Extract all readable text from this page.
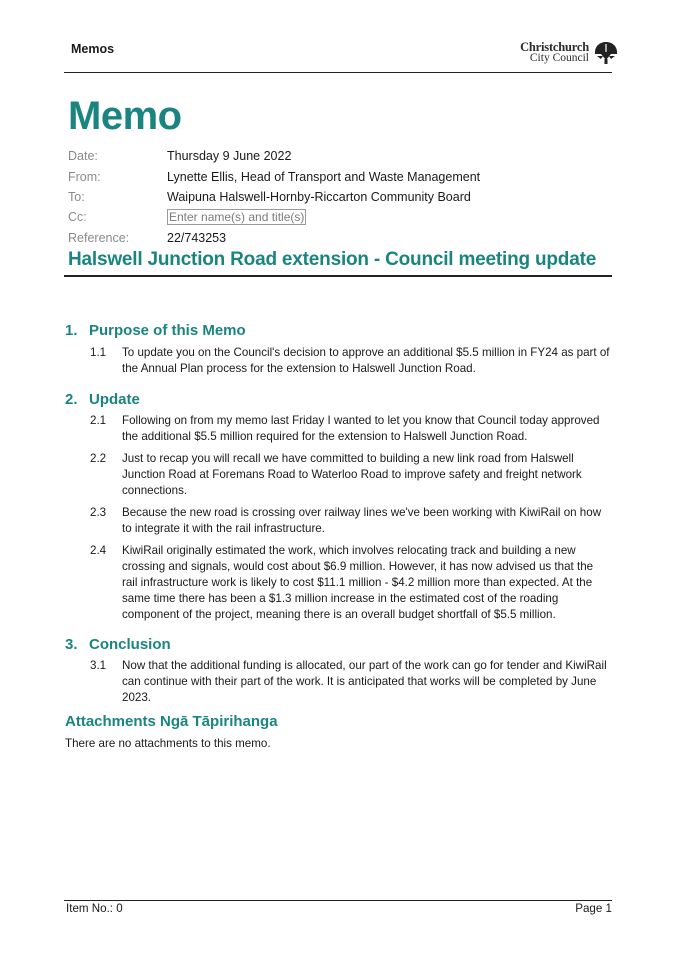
Memos	Christchurch
City Council
Memo
Date:	Thursday 9 June 2022
From:	Lynette Ellis, Head of Transport and Waste Management
To:	Waipuna Halswell-Hornby-Riccarton Community Board
Cc:	Enter name(s) and title(s)
Reference:	22/743253
Halswell Junction Road extension - Council meeting update
1. Purpose of this Memo
1.1	To update you on the Council's decision to approve an additional $5.5 million in FY24 as part of the Annual Plan process for the extension to Halswell Junction Road.
2. Update
2.1	Following on from my memo last Friday I wanted to let you know that Council today approved the additional $5.5 million required for the extension to Halswell Junction Road.
2.2	Just to recap you will recall we have committed to building a new link road from Halswell Junction Road at Foremans Road to Waterloo Road to improve safety and freight network connections.
2.3	Because the new road is crossing over railway lines we've been working with KiwiRail on how to integrate it with the rail infrastructure.
2.4	KiwiRail originally estimated the work, which involves relocating track and building a new crossing and signals, would cost about $6.9 million. However, it has now advised us that the rail infrastructure work is likely to cost $11.1 million - $4.2 million more than expected. At the same time there has been a $1.3 million increase in the estimated cost of the roading component of the project, meaning there is an overall budget shortfall of $5.5 million.
3. Conclusion
3.1	Now that the additional funding is allocated, our part of the work can go for tender and KiwiRail can continue with their part of the work. It is anticipated that works will be completed by June 2023.
Attachments Ngā Tāpirihanga
There are no attachments to this memo.
Item No.: 0	Page 1
